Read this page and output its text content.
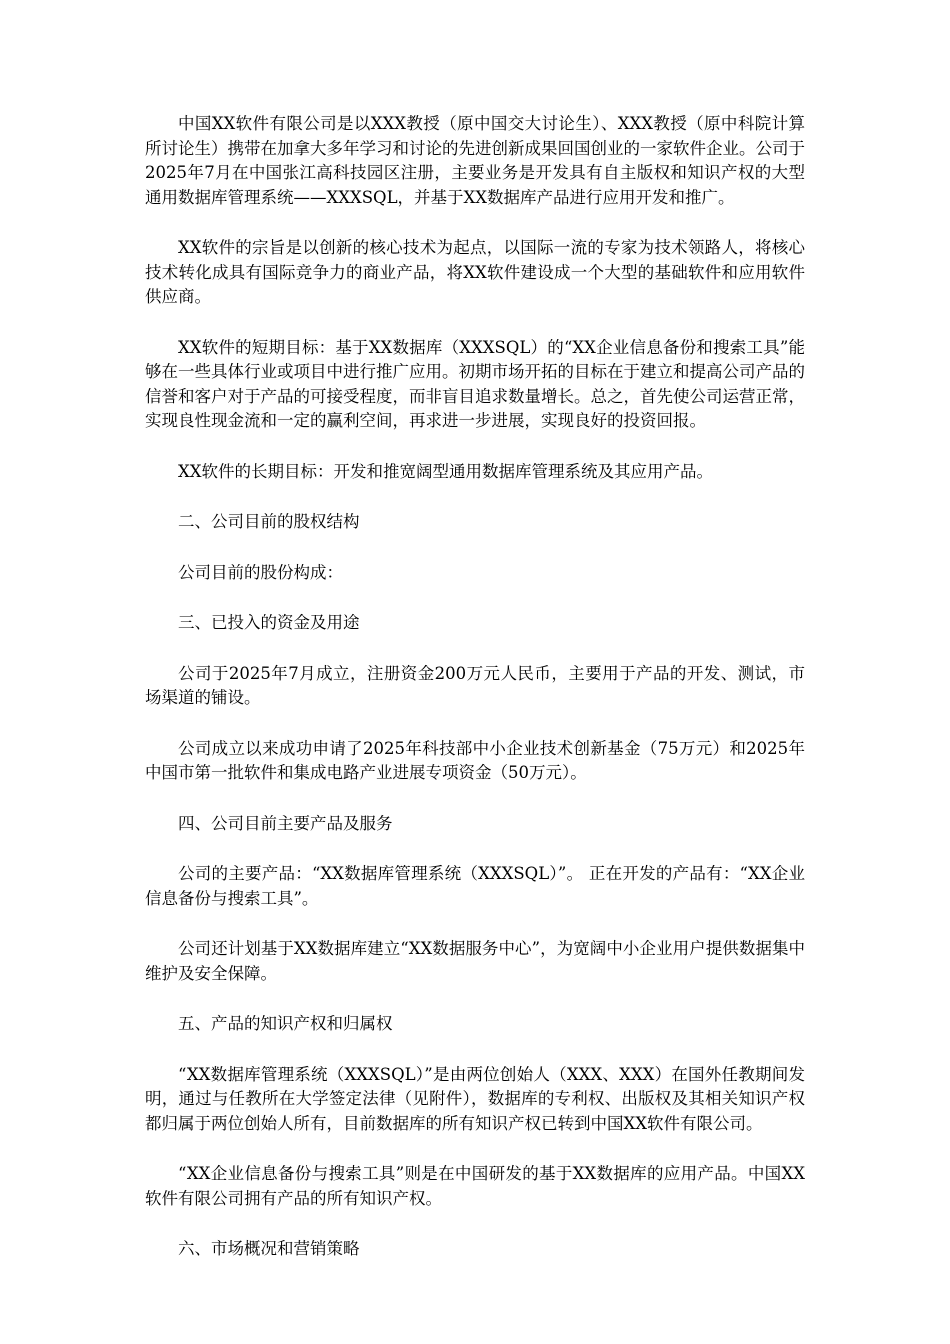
中国XX软件有限公司是以XXX教授（原中国交大讨论生）、XXX教授（原中科院计算所讨论生）携带在加拿大多年学习和讨论的先进创新成果回国创业的一家软件企业。公司于2025年7月在中国张江高科技园区注册，主要业务是开发具有自主版权和知识产权的大型通用数据库管理系统——XXXSQL，并基于XX数据库产品进行应用开发和推广。

XX软件的宗旨是以创新的核心技术为起点，以国际一流的专家为技术领路人，将核心技术转化成具有国际竞争力的商业产品，将XX软件建设成一个大型的基础软件和应用软件供应商。

XX软件的短期目标：基于XX数据库（XXXSQL）的“XX企业信息备份和搜索工具”能够在一些具体行业或项目中进行推广应用。初期市场开拓的目标在于建立和提高公司产品的信誉和客户对于产品的可接受程度，而非盲目追求数量增长。总之，首先使公司运营正常，实现良性现金流和一定的赢利空间，再求进一步进展，实现良好的投资回报。

XX软件的长期目标：开发和推宽阔型通用数据库管理系统及其应用产品。

二、公司目前的股权结构

公司目前的股份构成：

三、已投入的资金及用途

公司于2025年7月成立，注册资金200万元人民币，主要用于产品的开发、测试，市场渠道的铺设。

公司成立以来成功申请了2025年科技部中小企业技术创新基金（75万元）和2025年中国市第一批软件和集成电路产业进展专项资金（50万元）。

四、公司目前主要产品及服务

公司的主要产品：“XX数据库管理系统（XXXSQL）”。 正在开发的产品有：“XX企业信息备份与搜索工具”。

公司还计划基于XX数据库建立“XX数据服务中心”，为宽阔中小企业用户提供数据集中维护及安全保障。

五、产品的知识产权和归属权

“XX数据库管理系统（XXXSQL）”是由两位创始人（XXX、XXX）在国外任教期间发明，通过与任教所在大学签定法律（见附件），数据库的专利权、出版权及其相关知识产权都归属于两位创始人所有，目前数据库的所有知识产权已转到中国XX软件有限公司。

“XX企业信息备份与搜索工具”则是在中国研发的基于XX数据库的应用产品。中国XX软件有限公司拥有产品的所有知识产权。

六、市场概况和营销策略
